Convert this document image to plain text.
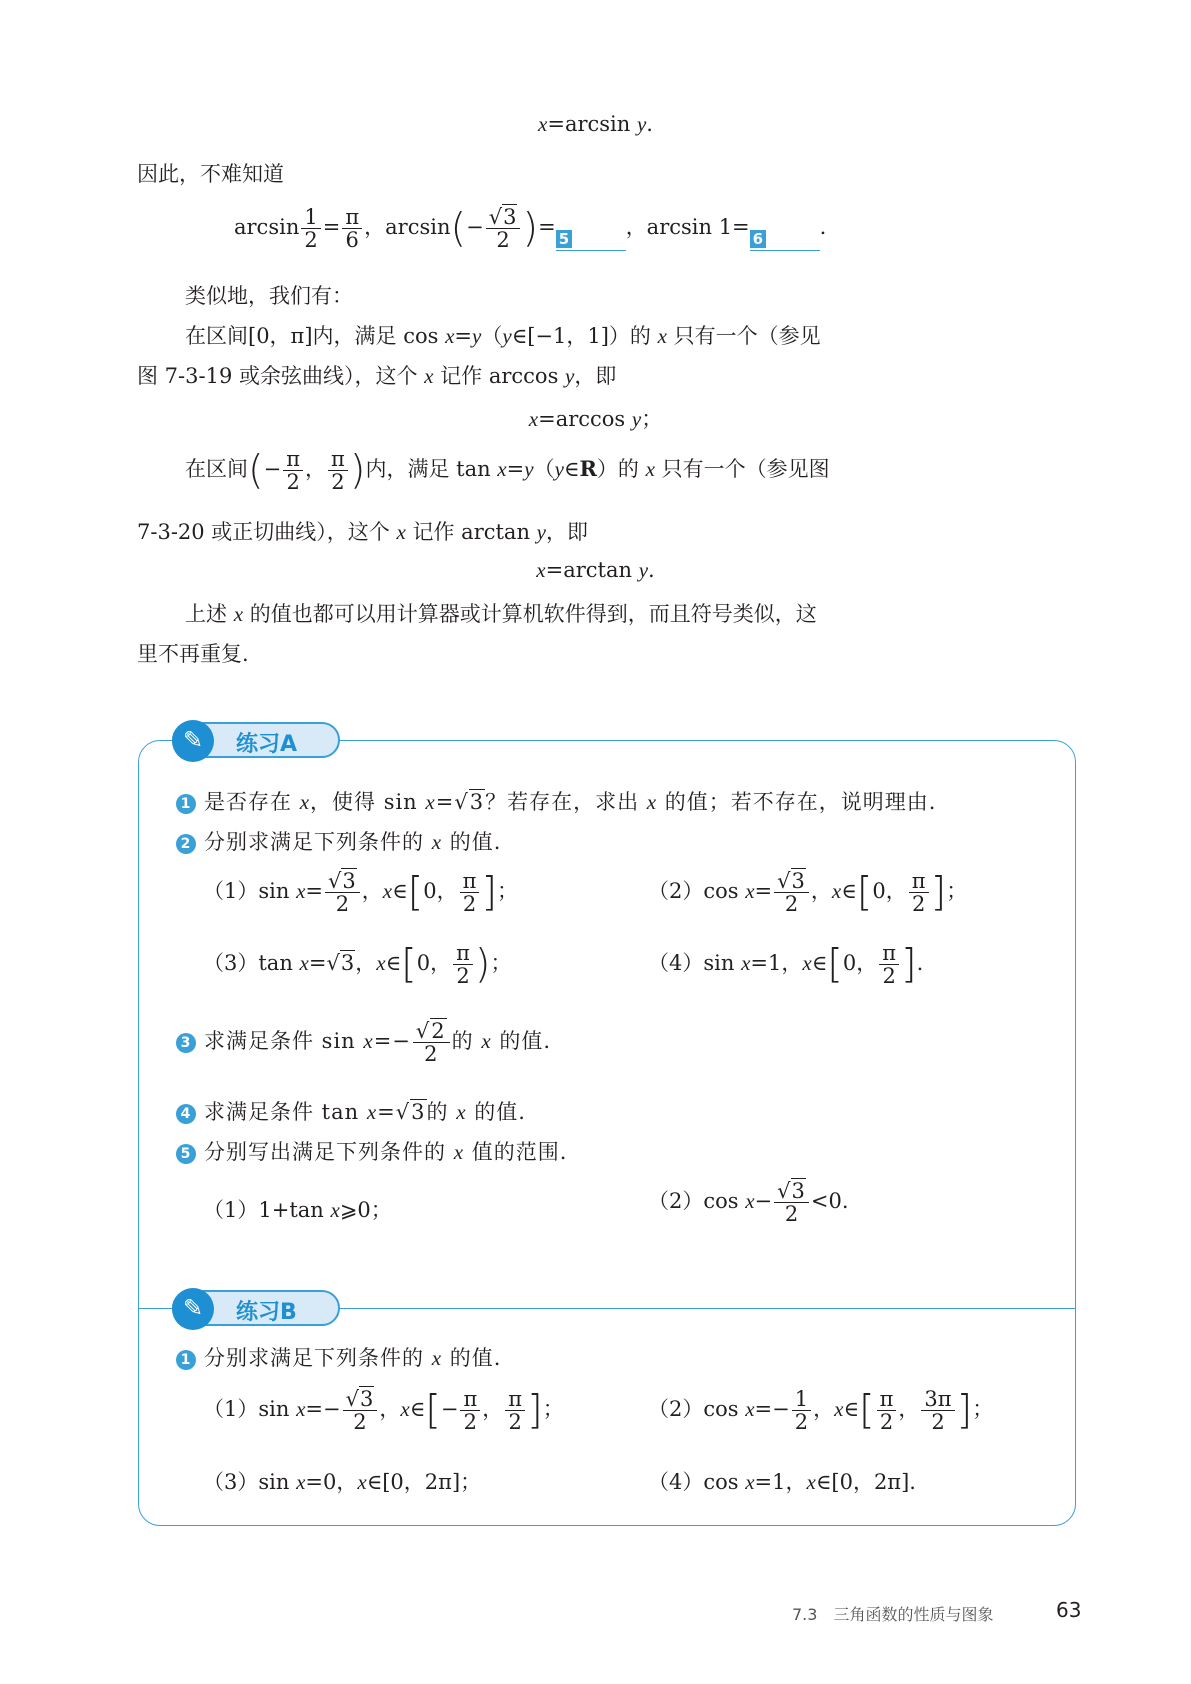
x=arcsin y.
因此，不难知道
$\arcsin \frac{1}{2} = \frac{\pi}{6}$ ，$\arcsin(- \frac{√3}{2}$ )=
5
，arcsin 1=
6
.
类似地，我们有：
在区间[0，π]内，满足 cos x=y（y∈[−1，1]）的 x 只有一个（参见
图 7-3-19 或余弦曲线），这个 x 记作 arccos y，即
x=arccos y；
在区间(− $\frac{\pi}{2}$ ， $\frac{\pi}{2}$ )内，满足 tan x=y（y∈R）的 x 只有一个（参见图
7-3-20 或正切曲线），这个 x 记作 arctan y，即
x=arctan y.
上述 x 的值也都可以用计算器或计算机软件得到，而且符号类似，这
里不再重复.
✎	练习A
1 是否存在 x，使得 sin x=√3？若存在，求出 x 的值；若不存在，说明理由.
2 分别求满足下列条件的 x 的值.
（1）sin $x= \frac{√3}{2}$ ，x∈[0， $\frac{\pi}{2}$ ]；	（2）cos $x= \frac{√3}{2}$ ，x∈[0， $\frac{\pi}{2}$ ]；
（3）tan x=√3，x∈[0， $\frac{\pi}{2}$ )；	（4）sin x=1，x∈[0， $\frac{\pi}{2}$ ].
3 求满足条件 $\sin x=- \frac{√2}{2}$ 的 x 的值.
4 求满足条件 tan x=√3的 x 的值.
5 分别写出满足下列条件的 x 值的范围.
（1）1+tan x⩾0；	（2）cos $x- \frac{√3}{2} <0$.
✎	练习B
1 分别求满足下列条件的 x 的值.
（1）sin $x=- \frac{√3}{2}$ ，x∈[− $\frac{\pi}{2}$ ， $\frac{\pi}{2}$ ]；	（2）cos $x=- \frac{1}{2}$ ，x∈[ $\frac{\pi}{2}$ ， $\frac{3\pi}{2}$ ]；
（3）sin x=0，x∈[0，2π]；	（4）cos x=1，x∈[0，2π].
7.3　三角函数的性质与图象	63
